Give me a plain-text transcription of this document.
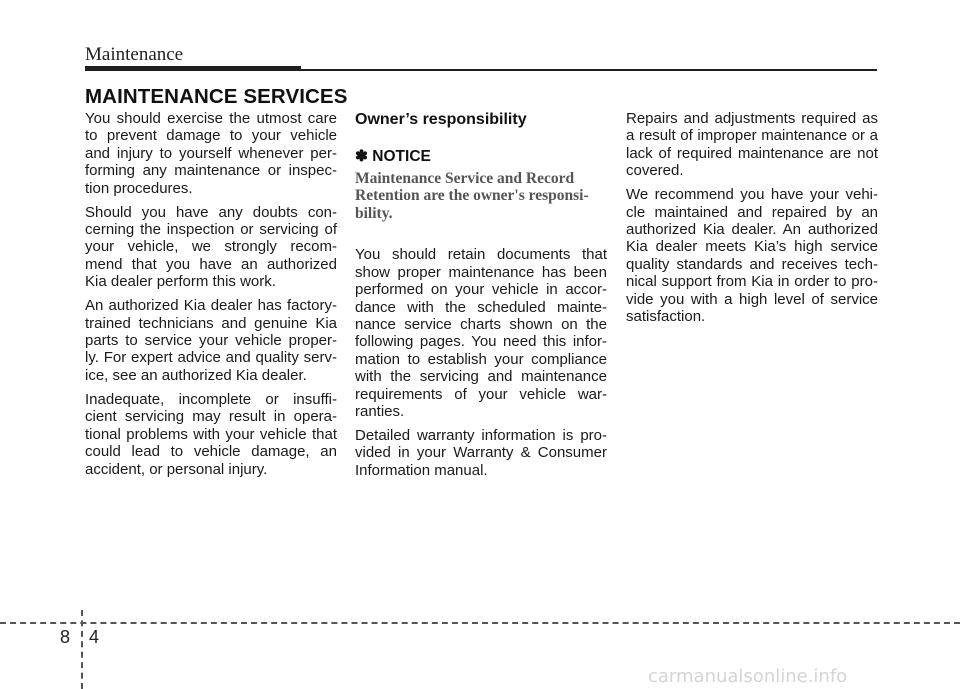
Maintenance
MAINTENANCE SERVICES

You should exercise the utmost care to prevent damage to your vehicle and injury to yourself whenever per- forming any maintenance or inspec- tion procedures.

Should you have any doubts con- cerning the inspection or servicing of your vehicle, we strongly recom- mend that you have an authorized Kia dealer perform this work.

An authorized Kia dealer has factory- trained technicians and genuine Kia parts to service your vehicle proper- ly. For expert advice and quality serv- ice, see an authorized Kia dealer.

Inadequate, incomplete or insuffi- cient servicing may result in opera- tional problems with your vehicle that could lead to vehicle damage, an accident, or personal injury.

Owner’s responsibility
✽ NOTICE
Maintenance Service and Record Retention are the owner's responsi- bility.

You should retain documents that show proper maintenance has been performed on your vehicle in accor- dance with the scheduled mainte- nance service charts shown on the following pages. You need this infor- mation to establish your compliance with the servicing and maintenance requirements of your vehicle war- ranties.

Detailed warranty information is pro- vided in your Warranty & Consumer Information manual.

Repairs and adjustments required as a result of improper maintenance or a lack of required maintenance are not covered.

We recommend you have your vehi- cle maintained and repaired by an authorized Kia dealer. An authorized Kia dealer meets Kia’s high service quality standards and receives tech- nical support from Kia in order to pro- vide you with a high level of service satisfaction.

8 4
carmanualsonline.info
